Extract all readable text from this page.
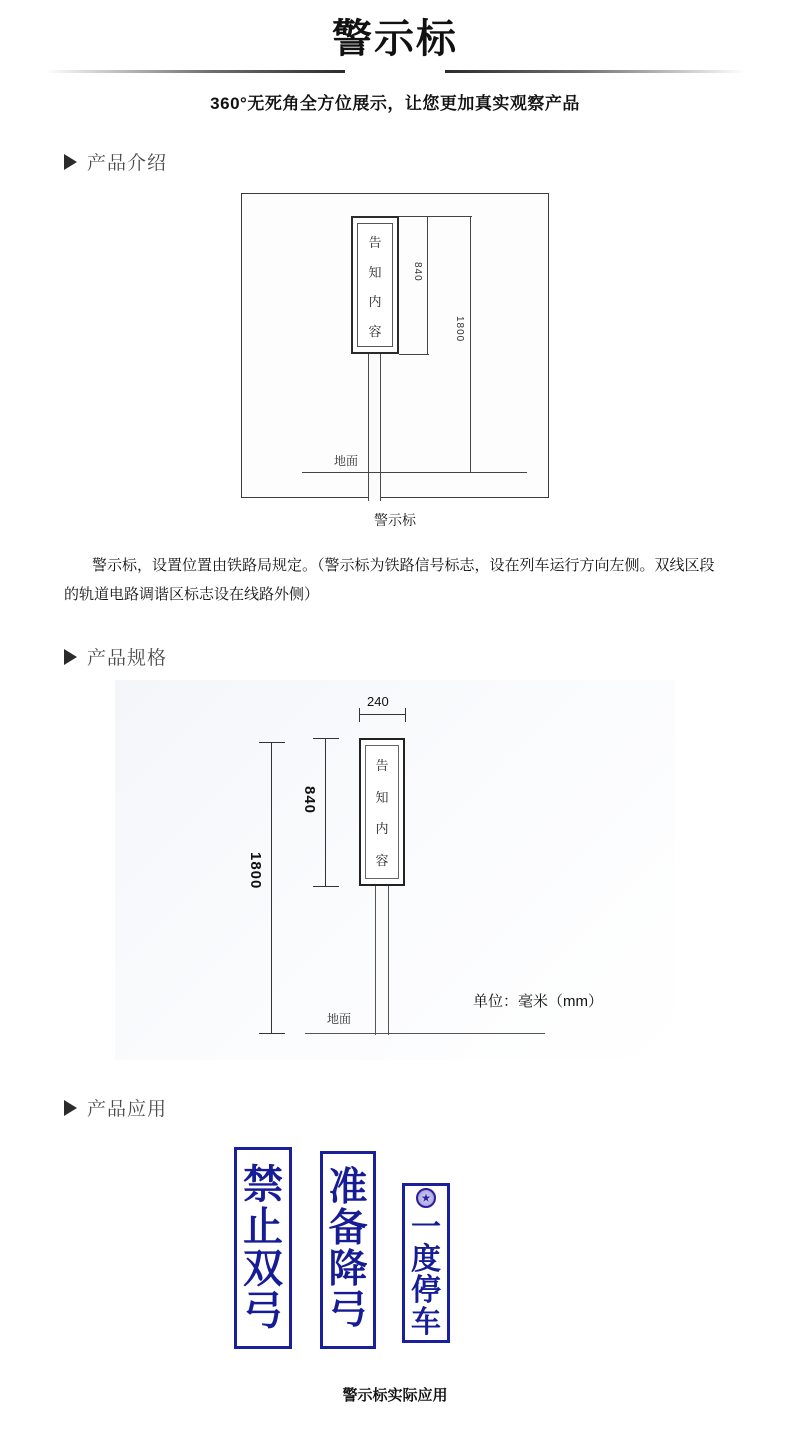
警示标
360°无死角全方位展示，让您更加真实观察产品
产品介绍
告
知
内
容
地面
840
1800
警示标
警示标，设置位置由铁路局规定。（警示标为铁路信号标志，设在列车运行方向左侧。双线区段的轨道电路调谐区标志设在线路外侧）
产品规格
240
告
知
内
容
地面
840
1800
单位：毫米（mm）
产品应用
禁
止
双
弓
准
备
降
弓
一
度
停
车
警示标实际应用
